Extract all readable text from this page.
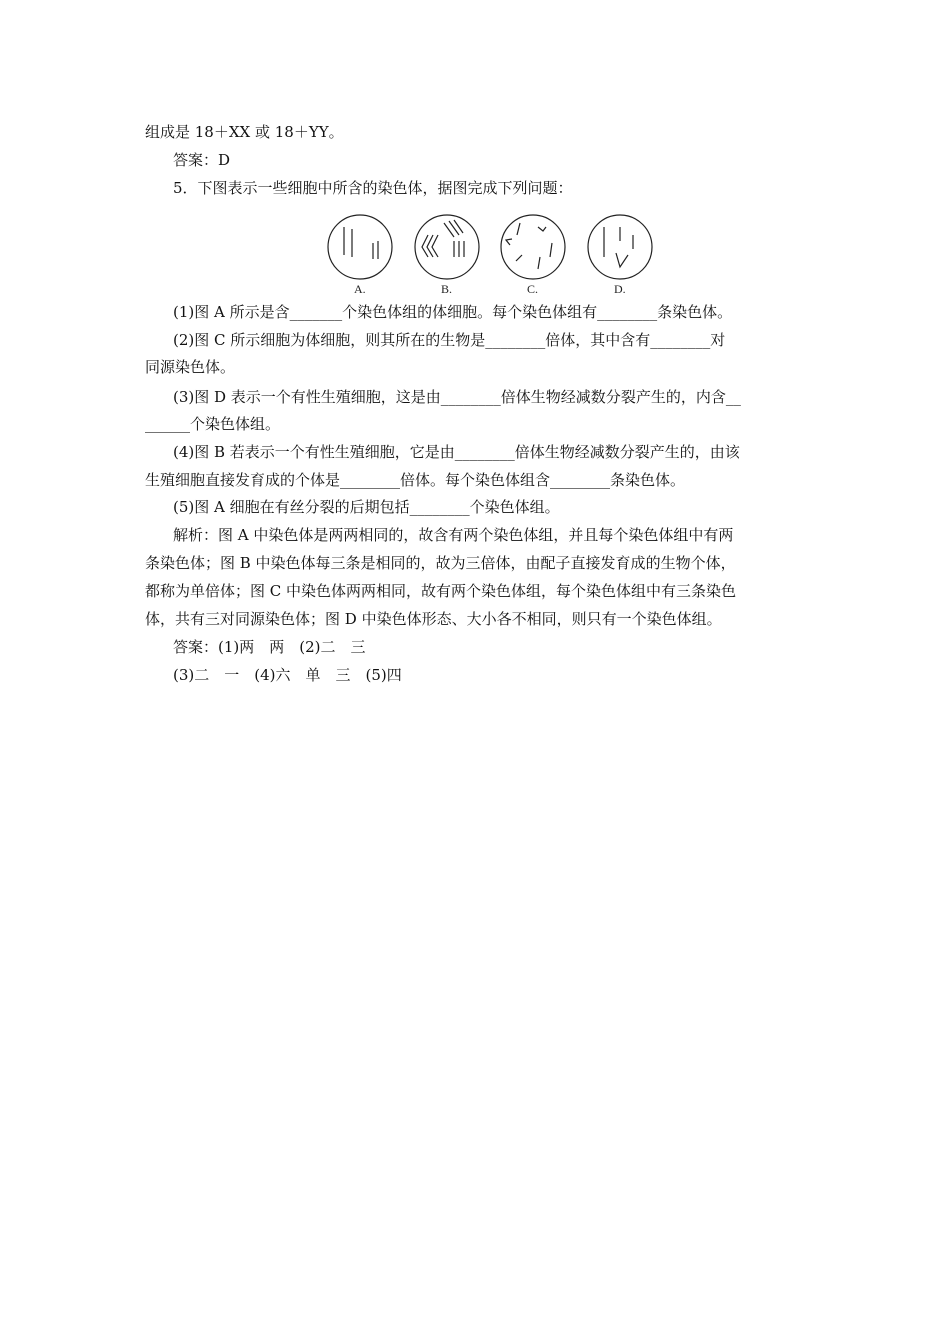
组成是 18＋XX 或 18＋YY。
答案：D
5．下图表示一些细胞中所含的染色体，据图完成下列问题：
A.	B.	C.	D.
(1)图 A 所示是含_______个染色体组的体细胞。每个染色体组有________条染色体。
(2)图 C 所示细胞为体细胞，则其所在的生物是________倍体，其中含有________对
同源染色体。
(3)图 D 表示一个有性生殖细胞，这是由________倍体生物经减数分裂产生的，内含__
______个染色体组。
(4)图 B 若表示一个有性生殖细胞，它是由________倍体生物经减数分裂产生的，由该
生殖细胞直接发育成的个体是________倍体。每个染色体组含________条染色体。
(5)图 A 细胞在有丝分裂的后期包括________个染色体组。
解析：图 A 中染色体是两两相同的，故含有两个染色体组，并且每个染色体组中有两
条染色体；图 B 中染色体每三条是相同的，故为三倍体，由配子直接发育成的生物个体，
都称为单倍体；图 C 中染色体两两相同，故有两个染色体组，每个染色体组中有三条染色
体，共有三对同源染色体；图 D 中染色体形态、大小各不相同，则只有一个染色体组。
答案：(1)两　两　(2)二　三
(3)二　一　(4)六　单　三　(5)四
